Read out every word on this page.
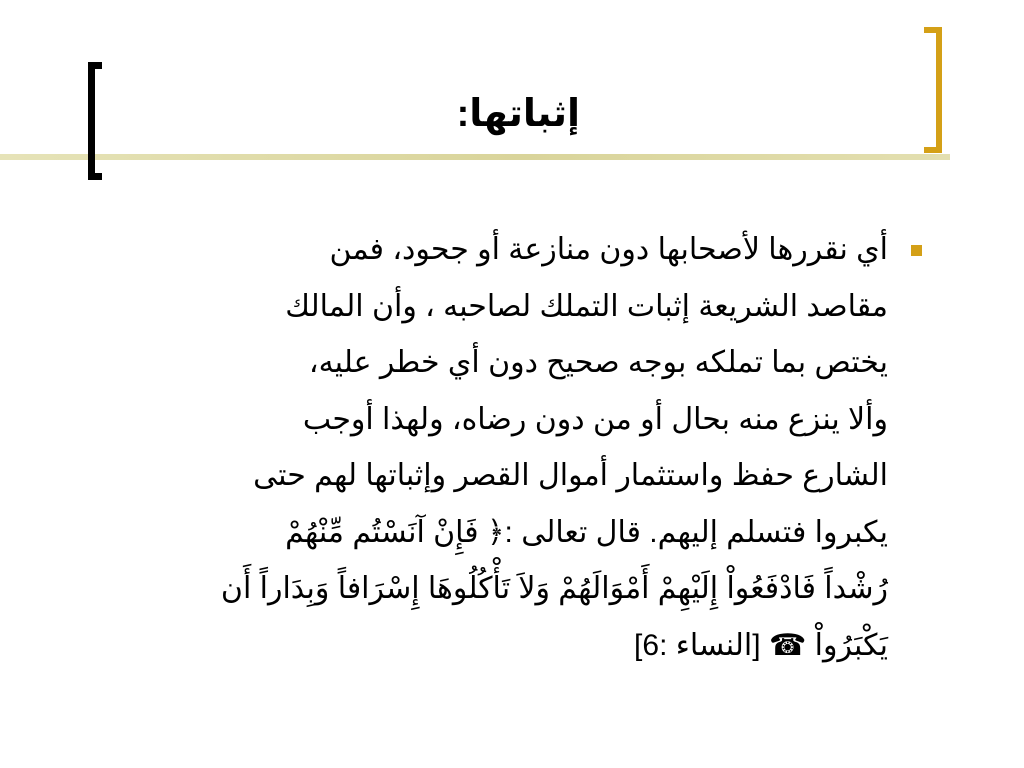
إثباتها:
أي نقررها لأصحابها دون منازعة أو جحود، فمن
مقاصد الشريعة إثبات التملك لصاحبه ، وأن المالك
يختص بما تملكه بوجه صحيح دون أي خطر عليه،
وألا ينزع منه بحال أو من دون رضاه، ولهذا أوجب
الشارع حفظ واستثمار أموال القصر وإثباتها لهم حتى
يكبروا فتسلم إليهم. قال تعالى :﴿ فَإِنْ آنَسْتُم مِّنْهُمْ
رُشْداً فَادْفَعُواْ إِلَيْهِمْ أَمْوَالَهُمْ وَلاَ تَأْكُلُوهَا إِسْرَافاً وَبِدَاراً أَن
يَكْبَرُواْ ☎ [النساء :6]
